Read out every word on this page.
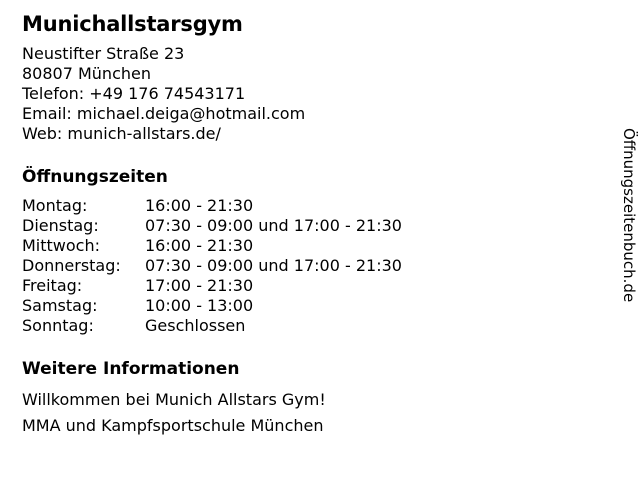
Munichallstarsgym
Neustifter Straße 23
80807 München
Telefon: +49 176 74543171
Email: michael.deiga@hotmail.com
Web: munich-allstars.de/
Öffnungszeiten
Montag:	16:00 - 21:30
Dienstag:	07:30 - 09:00 und 17:00 - 21:30
Mittwoch:	16:00 - 21:30
Donnerstag: 07:30 - 09:00 und 17:00 - 21:30
Freitag:	17:00 - 21:30
Samstag:	10:00 - 13:00
Sonntag:	Geschlossen
Weitere Informationen
Willkommen bei Munich Allstars Gym!
MMA und Kampfsportschule München
Öffnungszeitenbuch.de
